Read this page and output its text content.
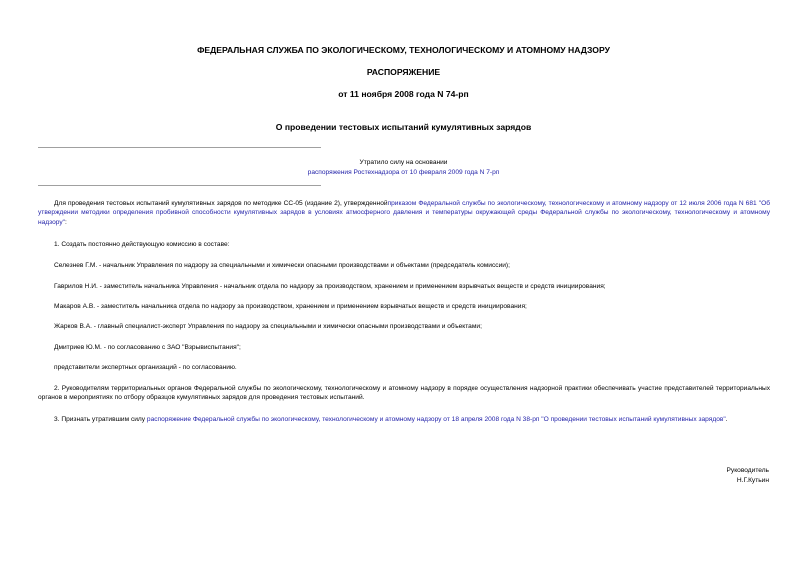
ФЕДЕРАЛЬНАЯ СЛУЖБА ПО ЭКОЛОГИЧЕСКОМУ, ТЕХНОЛОГИЧЕСКОМУ И АТОМНОМУ НАДЗОРУ
РАСПОРЯЖЕНИЕ
от 11 ноября 2008 года N 74-рп
О проведении тестовых испытаний кумулятивных зарядов
Утратило силу на основании
распоряжения Ростехнадзора от 10 февраля 2009 года N 7-рп
Для проведения тестовых испытаний кумулятивных зарядов по методике СС-05 (издание 2), утвержденнойприказом Федеральной службы по экологическому, технологическому и атомному надзору от 12 июля 2006 года N 681 "Об утверждении методики определения пробивной способности кумулятивных зарядов в условиях атмосферного давления и температуры окружающей среды Федеральной службы по экологическому, технологическому и атомному надзору":
1. Создать постоянно действующую комиссию в составе:
Селезнев Г.М. - начальник Управления по надзору за специальными и химически опасными производствами и объектами (председатель комиссии);
Гаврилов Н.И. - заместитель начальника Управления - начальник отдела по надзору за производством, хранением и применением взрывчатых веществ и средств инициирования;
Макаров А.В. - заместитель начальника отдела по надзору за производством, хранением и применением взрывчатых веществ и средств инициирования;
Жарков В.А. - главный специалист-эксперт Управления по надзору за специальными и химически опасными производствами и объектами;
Дмитриев Ю.М. - по согласованию с ЗАО "Взрывиспытания";
представители экспертных организаций - по согласованию.
2. Руководителям территориальных органов Федеральной службы по экологическому, технологическому и атомному надзору в порядке осуществления надзорной практики обеспечивать участие представителей территориальных органов в мероприятиях по отбору образцов кумулятивных зарядов для проведения тестовых испытаний.
3. Признать утратившим силу распоряжение Федеральной службы по экологическому, технологическому и атомному надзору от 18 апреля 2008 года N 38-рп "О проведении тестовых испытаний кумулятивных зарядов".
Руководитель
Н.Г.Кутьин
